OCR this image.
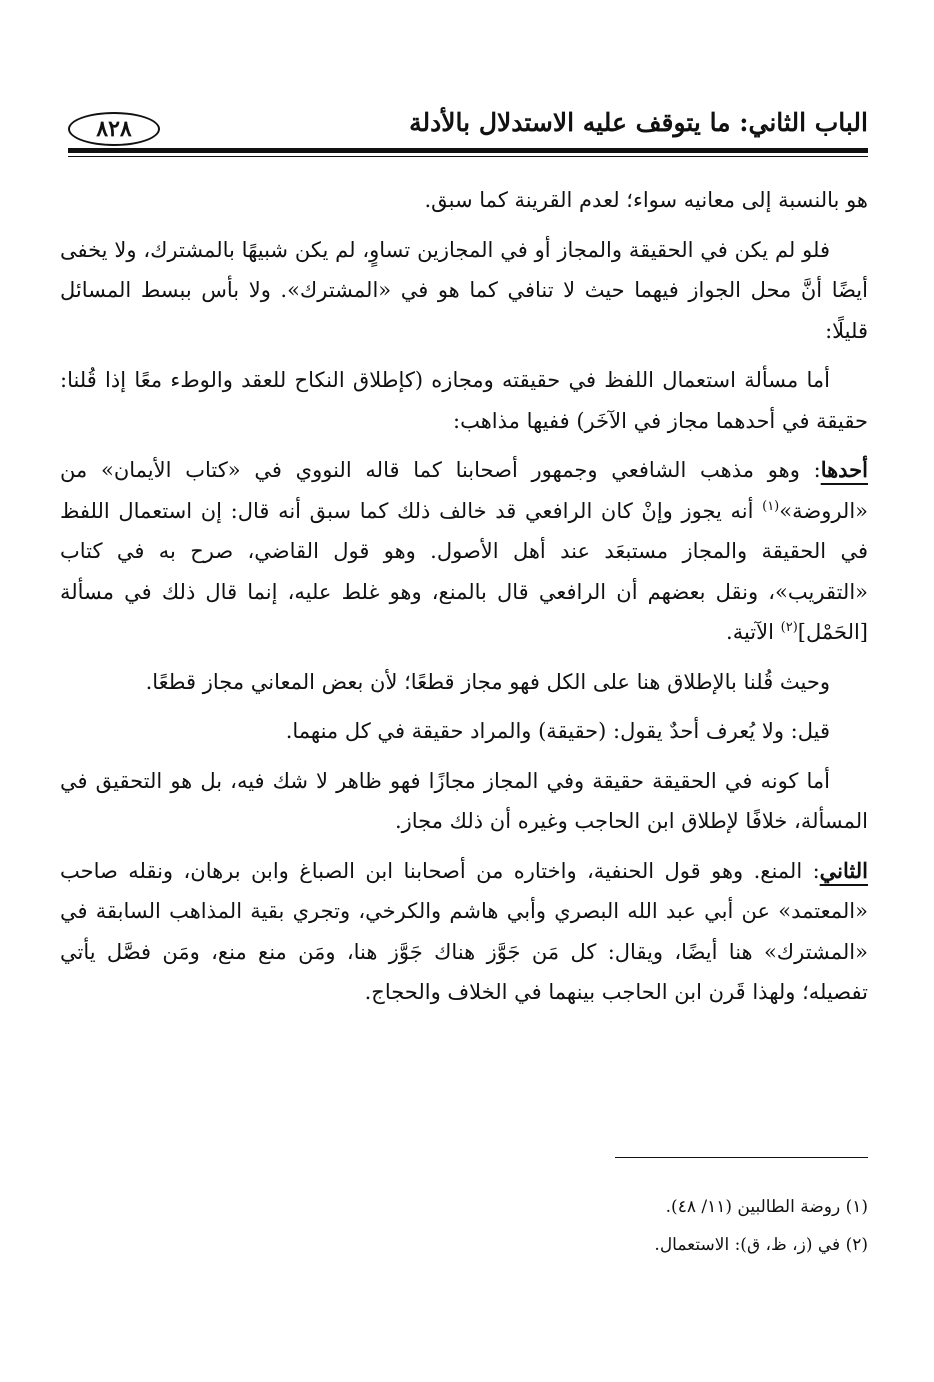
٨٢٨	الباب الثاني: ما يتوقف عليه الاستدلال بالأدلة

هو بالنسبة إلى معانيه سواء؛ لعدم القرينة كما سبق.

فلو لم يكن في الحقيقة والمجاز أو في المجازين تساوٍ، لم يكن شبيهًا بالمشترك، ولا يخفى أيضًا أنَّ محل الجواز فيهما حيث لا تنافي كما هو في «المشترك». ولا بأس ببسط المسائل قليلًا:

أما مسألة استعمال اللفظ في حقيقته ومجازه (كإطلاق النكاح للعقد والوطء معًا إذا قُلنا: حقيقة في أحدهما مجاز في الآخَر) ففيها مذاهب:

أحدها: وهو مذهب الشافعي وجمهور أصحابنا كما قاله النووي في «كتاب الأيمان» من «الروضة»$^{(١)}$ أنه يجوز وإنْ كان الرافعي قد خالف ذلك كما سبق أنه قال: إن استعمال اللفظ في الحقيقة والمجاز مستبعَد عند أهل الأصول. وهو قول القاضي، صرح به في كتاب «التقريب»، ونقل بعضهم أن الرافعي قال بالمنع، وهو غلط عليه، إنما قال ذلك في مسألة [الحَمْل]$^{(٢)}$ الآتية.

وحيث قُلنا بالإطلاق هنا على الكل فهو مجاز قطعًا؛ لأن بعض المعاني مجاز قطعًا.

قيل: ولا يُعرف أحدٌ يقول: (حقيقة) والمراد حقيقة في كل منهما.

أما كونه في الحقيقة حقيقة وفي المجاز مجازًا فهو ظاهر لا شك فيه، بل هو التحقيق في المسألة، خلافًا لإطلاق ابن الحاجب وغيره أن ذلك مجاز.

الثاني: المنع. وهو قول الحنفية، واختاره من أصحابنا ابن الصباغ وابن برهان، ونقله صاحب «المعتمد» عن أبي عبد الله البصري وأبي هاشم والكرخي، وتجري بقية المذاهب السابقة في «المشترك» هنا أيضًا، ويقال: كل مَن جَوَّز هناك جَوَّز هنا، ومَن منع منع، ومَن فصَّل يأتي تفصيله؛ ولهذا قَرن ابن الحاجب بينهما في الخلاف والحجاج.

(١) روضة الطالبين (١١/ ٤٨).

(٢) في (ز، ظ، ق): الاستعمال.
